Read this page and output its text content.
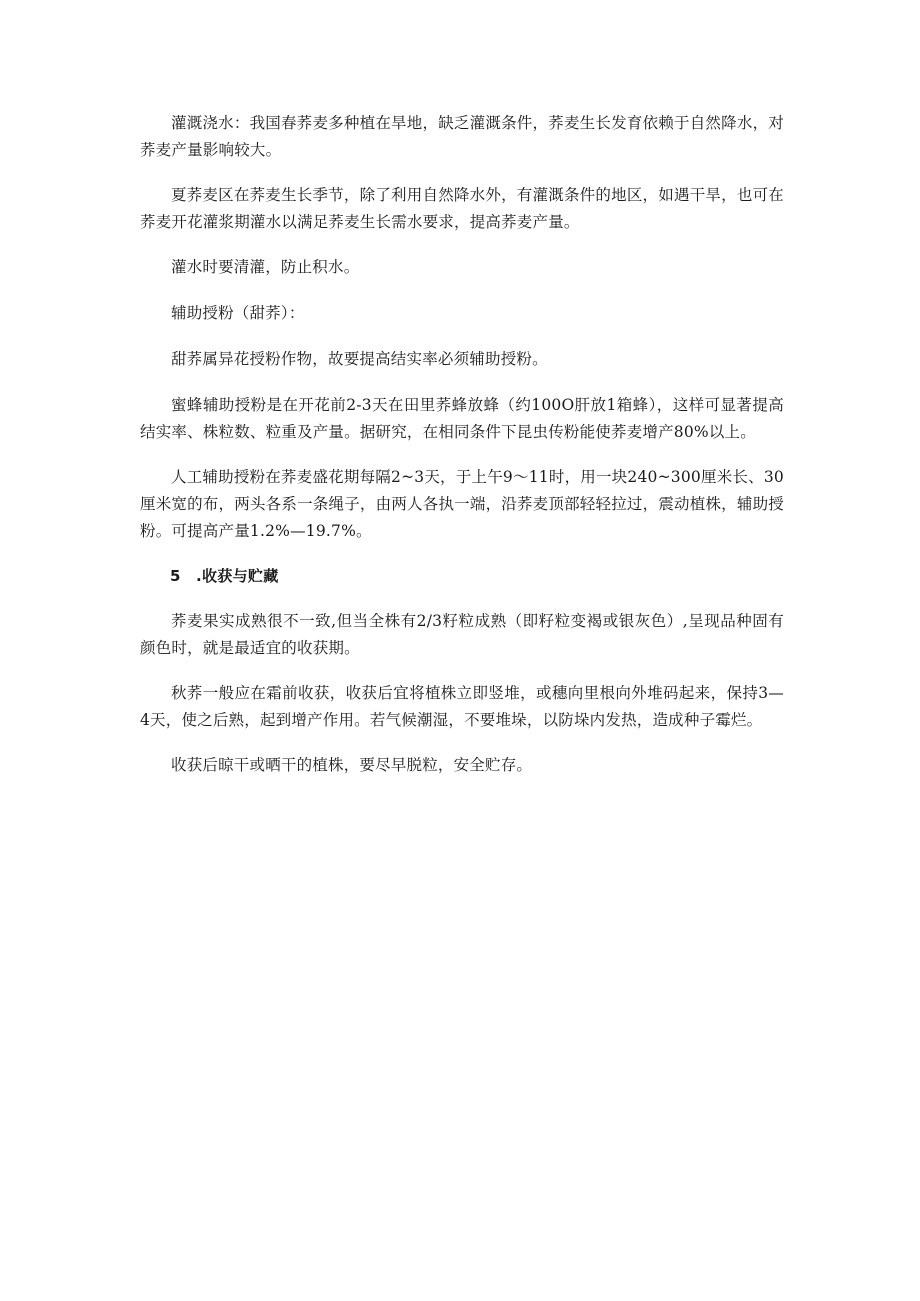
灌溉浇水：我国春荞麦多种植在旱地，缺乏灌溉条件，荞麦生长发育依赖于自然降水，对荞麦产量影响较大。

夏荞麦区在荞麦生长季节，除了利用自然降水外，有灌溉条件的地区，如遇干旱，也可在荞麦开花灌浆期灌水以满足荞麦生长需水要求，提高荞麦产量。

灌水时要清灌，防止积水。

辅助授粉（甜荞）：

甜荞属异花授粉作物，故要提高结实率必须辅助授粉。

蜜蜂辅助授粉是在开花前2-3天在田里荞蜂放蜂（约100O肝放1箱蜂），这样可显著提高结实率、株粒数、粒重及产量。据研究，在相同条件下昆虫传粉能使荞麦增产80%以上。

人工辅助授粉在荞麦盛花期每隔2~3天，于上午9〜11时，用一块240~300厘米长、30厘米宽的布，两头各系一条绳子，由两人各执一端，沿荞麦顶部轻轻拉过，震动植株，辅助授粉。可提高产量1.2%—19.7%。

5　.收获与贮藏

荞麦果实成熟很不一致,但当全株有2/3籽粒成熟（即籽粒变褐或银灰色）,呈现品种固有颜色时，就是最适宜的收获期。

秋荞一般应在霜前收获，收获后宜将植株立即竖堆，或穗向里根向外堆码起来，保持3—4天，使之后熟，起到增产作用。若气候潮湿，不要堆垛，以防垛内发热，造成种子霉烂。

收获后晾干或晒干的植株，要尽早脱粒，安全贮存。
